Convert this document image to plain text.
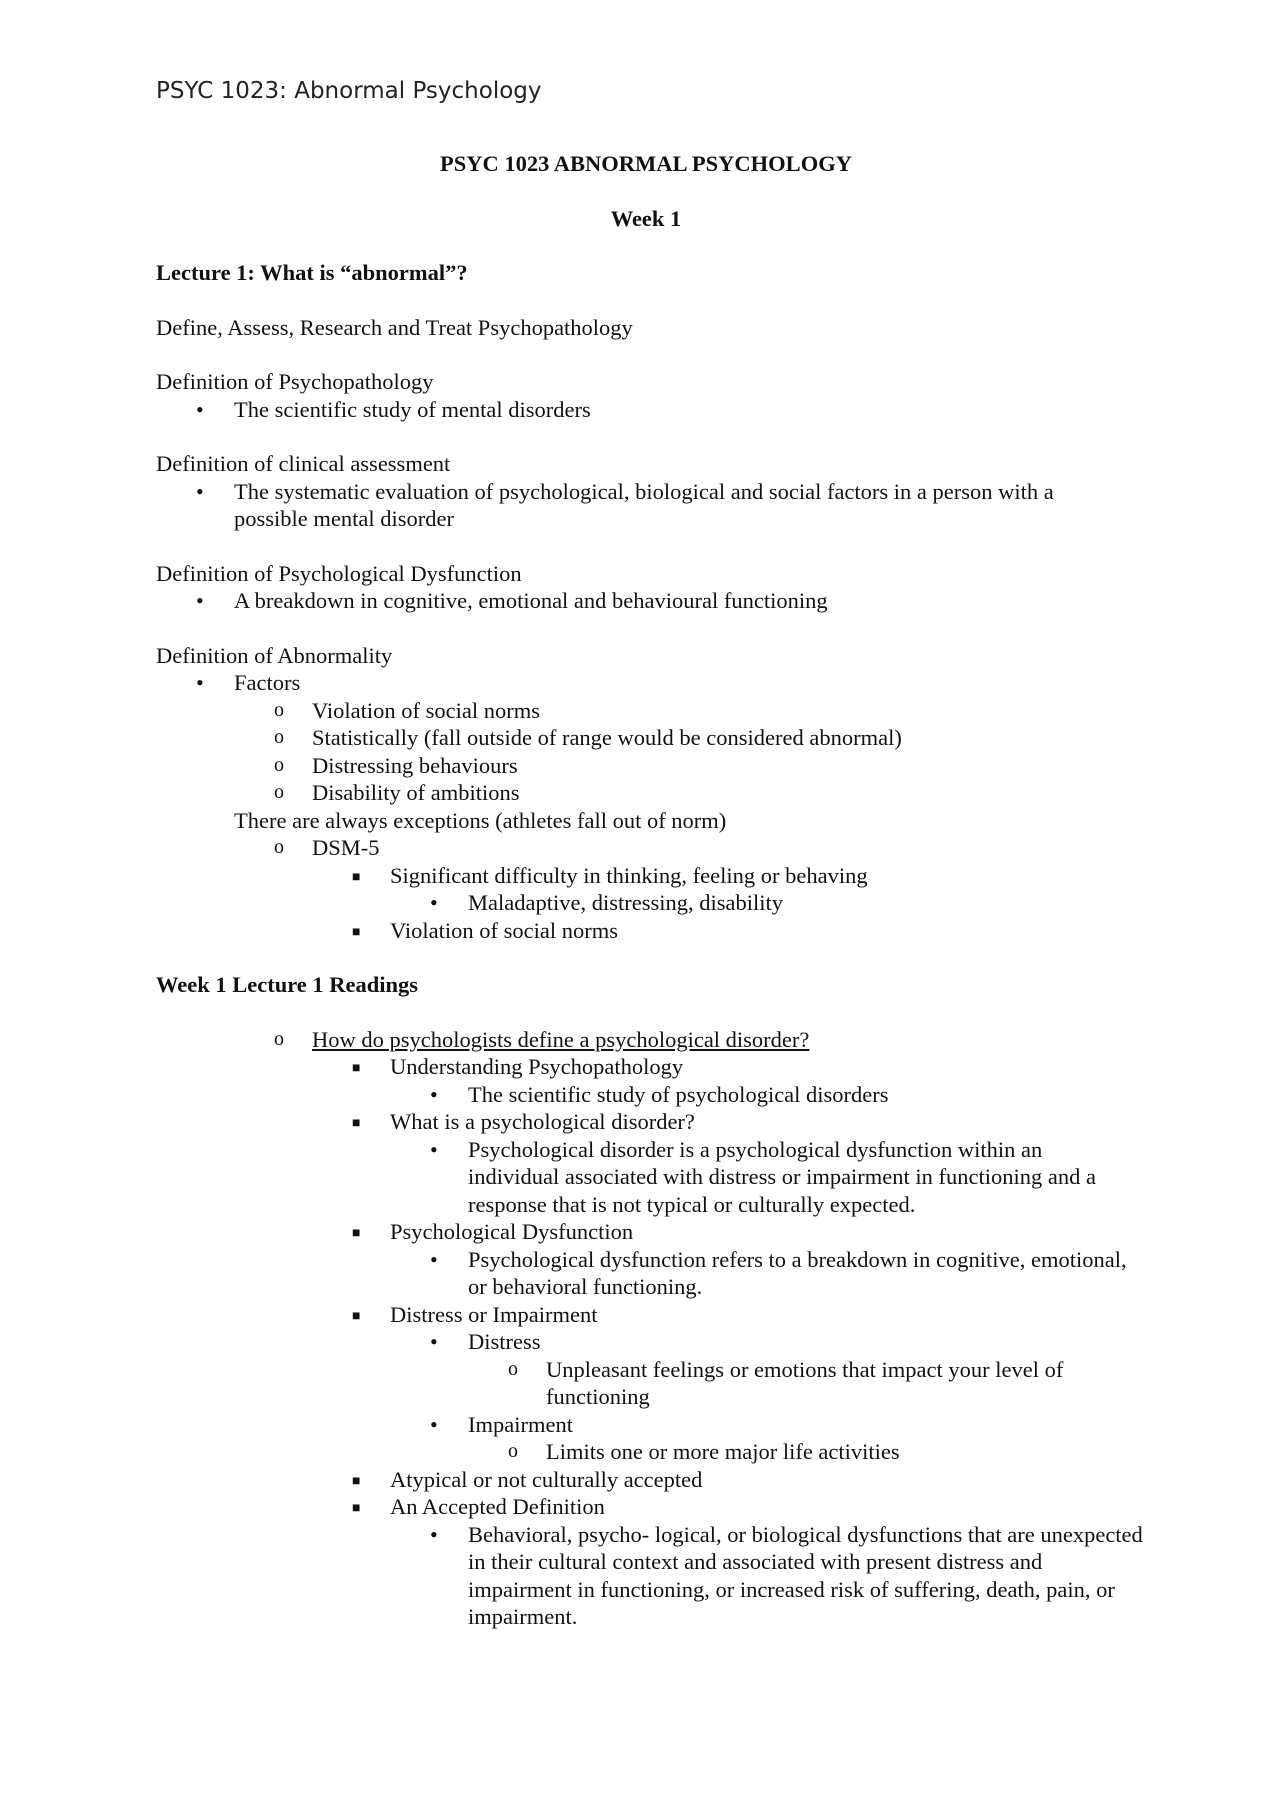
PSYC 1023: Abnormal Psychology
PSYC 1023 ABNORMAL PSYCHOLOGY
Week 1
Lecture 1: What is “abnormal”?
Define, Assess, Research and Treat Psychopathology
Definition of Psychopathology
• The scientific study of mental disorders
Definition of clinical assessment
• The systematic evaluation of psychological, biological and social factors in a person with a possible mental disorder
Definition of Psychological Dysfunction
• A breakdown in cognitive, emotional and behavioural functioning
Definition of Abnormality
• Factors
o Violation of social norms
o Statistically (fall outside of range would be considered abnormal)
o Distressing behaviours
o Disability of ambitions
There are always exceptions (athletes fall out of norm)
o DSM-5
■ Significant difficulty in thinking, feeling or behaving
• Maladaptive, distressing, disability
■ Violation of social norms
Week 1 Lecture 1 Readings
o How do psychologists define a psychological disorder?
■ Understanding Psychopathology
• The scientific study of psychological disorders
■ What is a psychological disorder?
• Psychological disorder is a psychological dysfunction within an individual associated with distress or impairment in functioning and a response that is not typical or culturally expected.
■ Psychological Dysfunction
• Psychological dysfunction refers to a breakdown in cognitive, emotional, or behavioral functioning.
■ Distress or Impairment
• Distress
o Unpleasant feelings or emotions that impact your level of functioning
• Impairment
o Limits one or more major life activities
■ Atypical or not culturally accepted
■ An Accepted Definition
• Behavioral, psycho- logical, or biological dysfunctions that are unexpected in their cultural context and associated with present distress and impairment in functioning, or increased risk of suffering, death, pain, or impairment.
